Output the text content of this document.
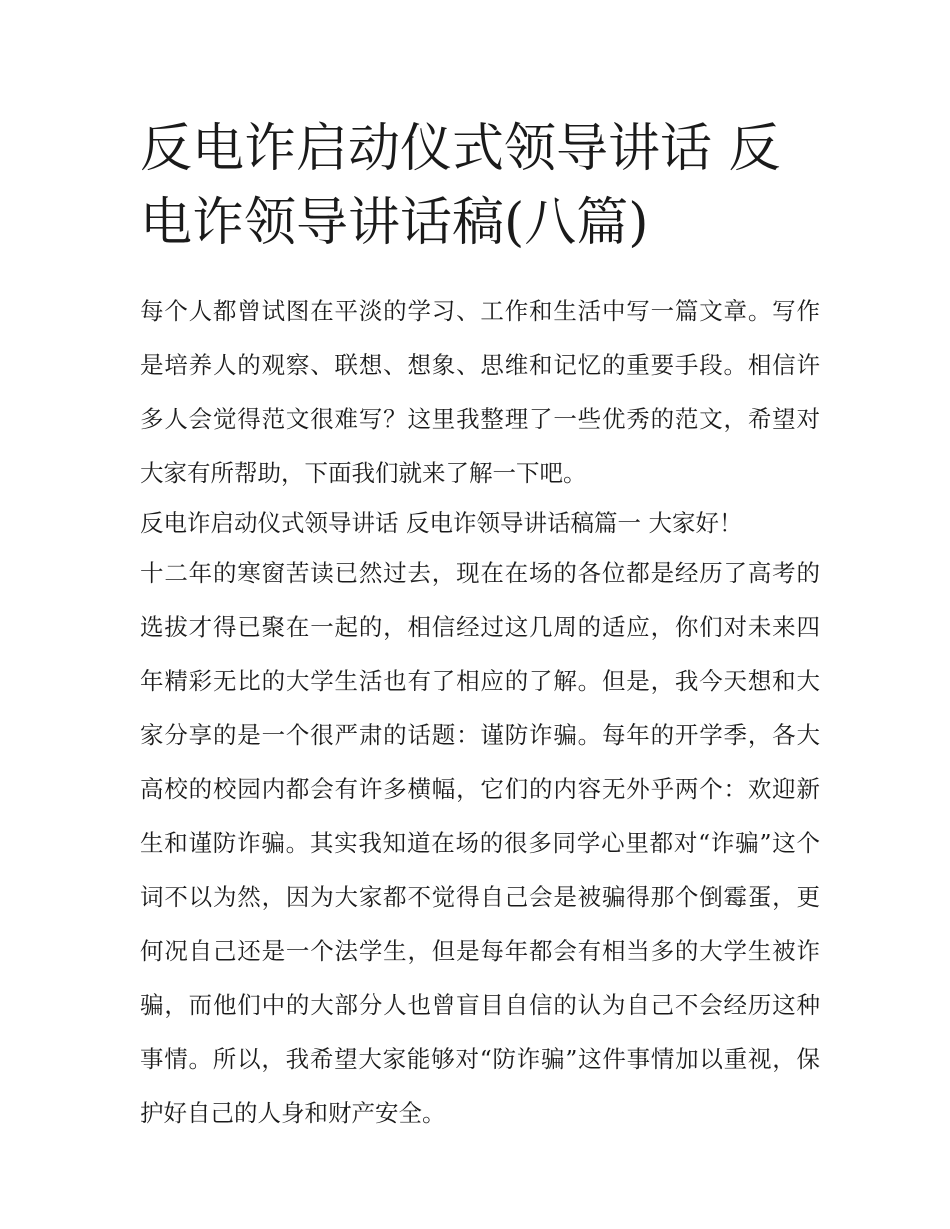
反电诈启动仪式领导讲话 反电诈领导讲话稿(八篇)

每个人都曾试图在平淡的学习、工作和生活中写一篇文章。写作是培养人的观察、联想、想象、思维和记忆的重要手段。相信许多人会觉得范文很难写？这里我整理了一些优秀的范文，希望对大家有所帮助，下面我们就来了解一下吧。

反电诈启动仪式领导讲话 反电诈领导讲话稿篇一 大家好！

十二年的寒窗苦读已然过去，现在在场的各位都是经历了高考的选拔才得已聚在一起的，相信经过这几周的适应，你们对未来四年精彩无比的大学生活也有了相应的了解。但是，我今天想和大家分享的是一个很严肃的话题：谨防诈骗。每年的开学季，各大高校的校园内都会有许多横幅，它们的内容无外乎两个：欢迎新生和谨防诈骗。其实我知道在场的很多同学心里都对“诈骗”这个词不以为然，因为大家都不觉得自己会是被骗得那个倒霉蛋，更何况自己还是一个法学生，但是每年都会有相当多的大学生被诈骗，而他们中的大部分人也曾盲目自信的认为自己不会经历这种事情。所以，我希望大家能够对“防诈骗”这件事情加以重视，保护好自己的人身和财产安全。
